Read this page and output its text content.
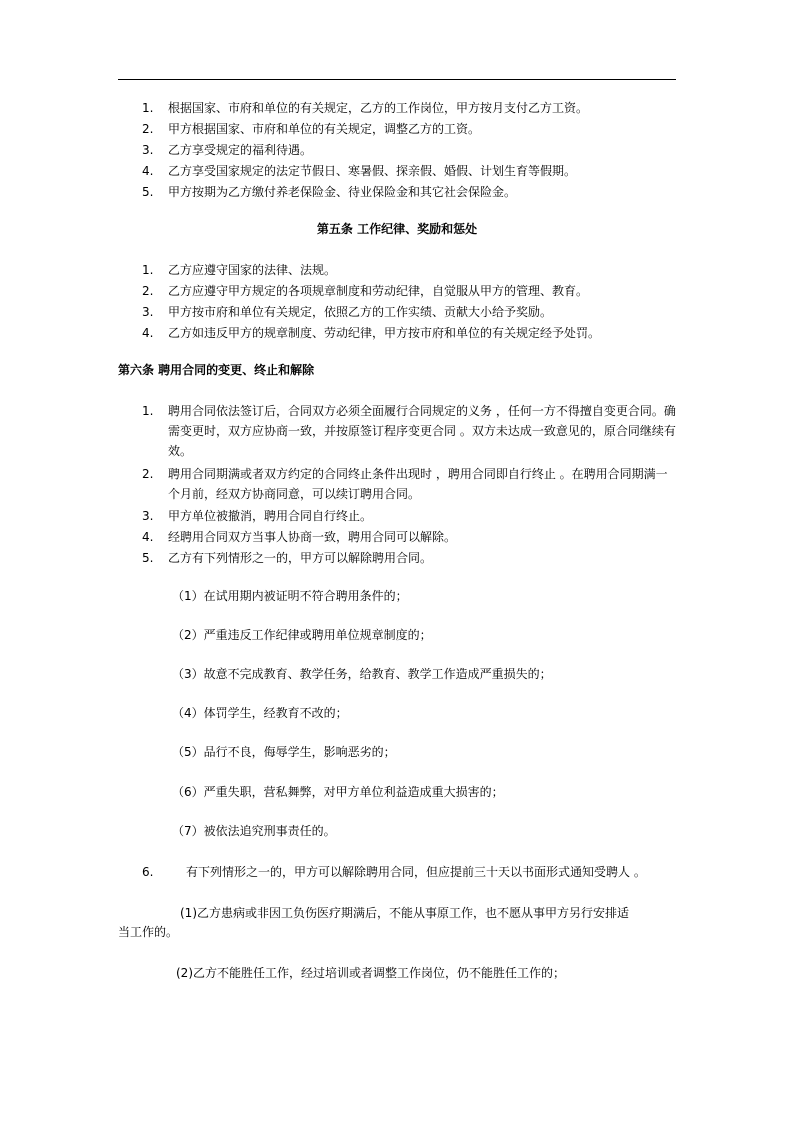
1.	根据国家、市府和单位的有关规定，乙方的工作岗位，甲方按月支付乙方工资。
2.	甲方根据国家、市府和单位的有关规定，调整乙方的工资。
3.	乙方享受规定的福利待遇。
4.	乙方享受国家规定的法定节假日、寒暑假、探亲假、婚假、计划生育等假期。
5.	甲方按期为乙方缴付养老保险金、待业保险金和其它社会保险金。
第五条 工作纪律、奖励和惩处
1.	乙方应遵守国家的法律、法规。
2.	乙方应遵守甲方规定的各项规章制度和劳动纪律，自觉服从甲方的管理、教育。
3.	甲方按市府和单位有关规定，依照乙方的工作实绩、贡献大小给予奖励。
4.	乙方如违反甲方的规章制度、劳动纪律，甲方按市府和单位的有关规定经予处罚。
第六条 聘用合同的变更、终止和解除
1.	聘用合同依法签订后，合同双方必须全面履行合同规定的义务 ，任何一方不得擅自变更合同。确需变更时，双方应协商一致，并按原签订程序变更合同 。双方未达成一致意见的，原合同继续有效。
2.	聘用合同期满或者双方约定的合同终止条件出现时 ，聘用合同即自行终止 。在聘用合同期满一个月前，经双方协商同意，可以续订聘用合同。
3.	甲方单位被撤消，聘用合同自行终止。
4.	经聘用合同双方当事人协商一致，聘用合同可以解除。
5.	乙方有下列情形之一的，甲方可以解除聘用合同。
（1）在试用期内被证明不符合聘用条件的；
（2）严重违反工作纪律或聘用单位规章制度的；
（3）故意不完成教育、教学任务，给教育、教学工作造成严重损失的；
（4）体罚学生，经教育不改的；
（5）品行不良，侮辱学生，影响恶劣的；
（6）严重失职，营私舞弊，对甲方单位利益造成重大损害的；
（7）被依法追究刑事责任的。
6.	有下列情形之一的，甲方可以解除聘用合同，但应提前三十天以书面形式通知受聘人 。
(1)乙方患病或非因工负伤医疗期满后，不能从事原工作，也不愿从事甲方另行安排适
当工作的。
(2)乙方不能胜任工作，经过培训或者调整工作岗位，仍不能胜任工作的；
